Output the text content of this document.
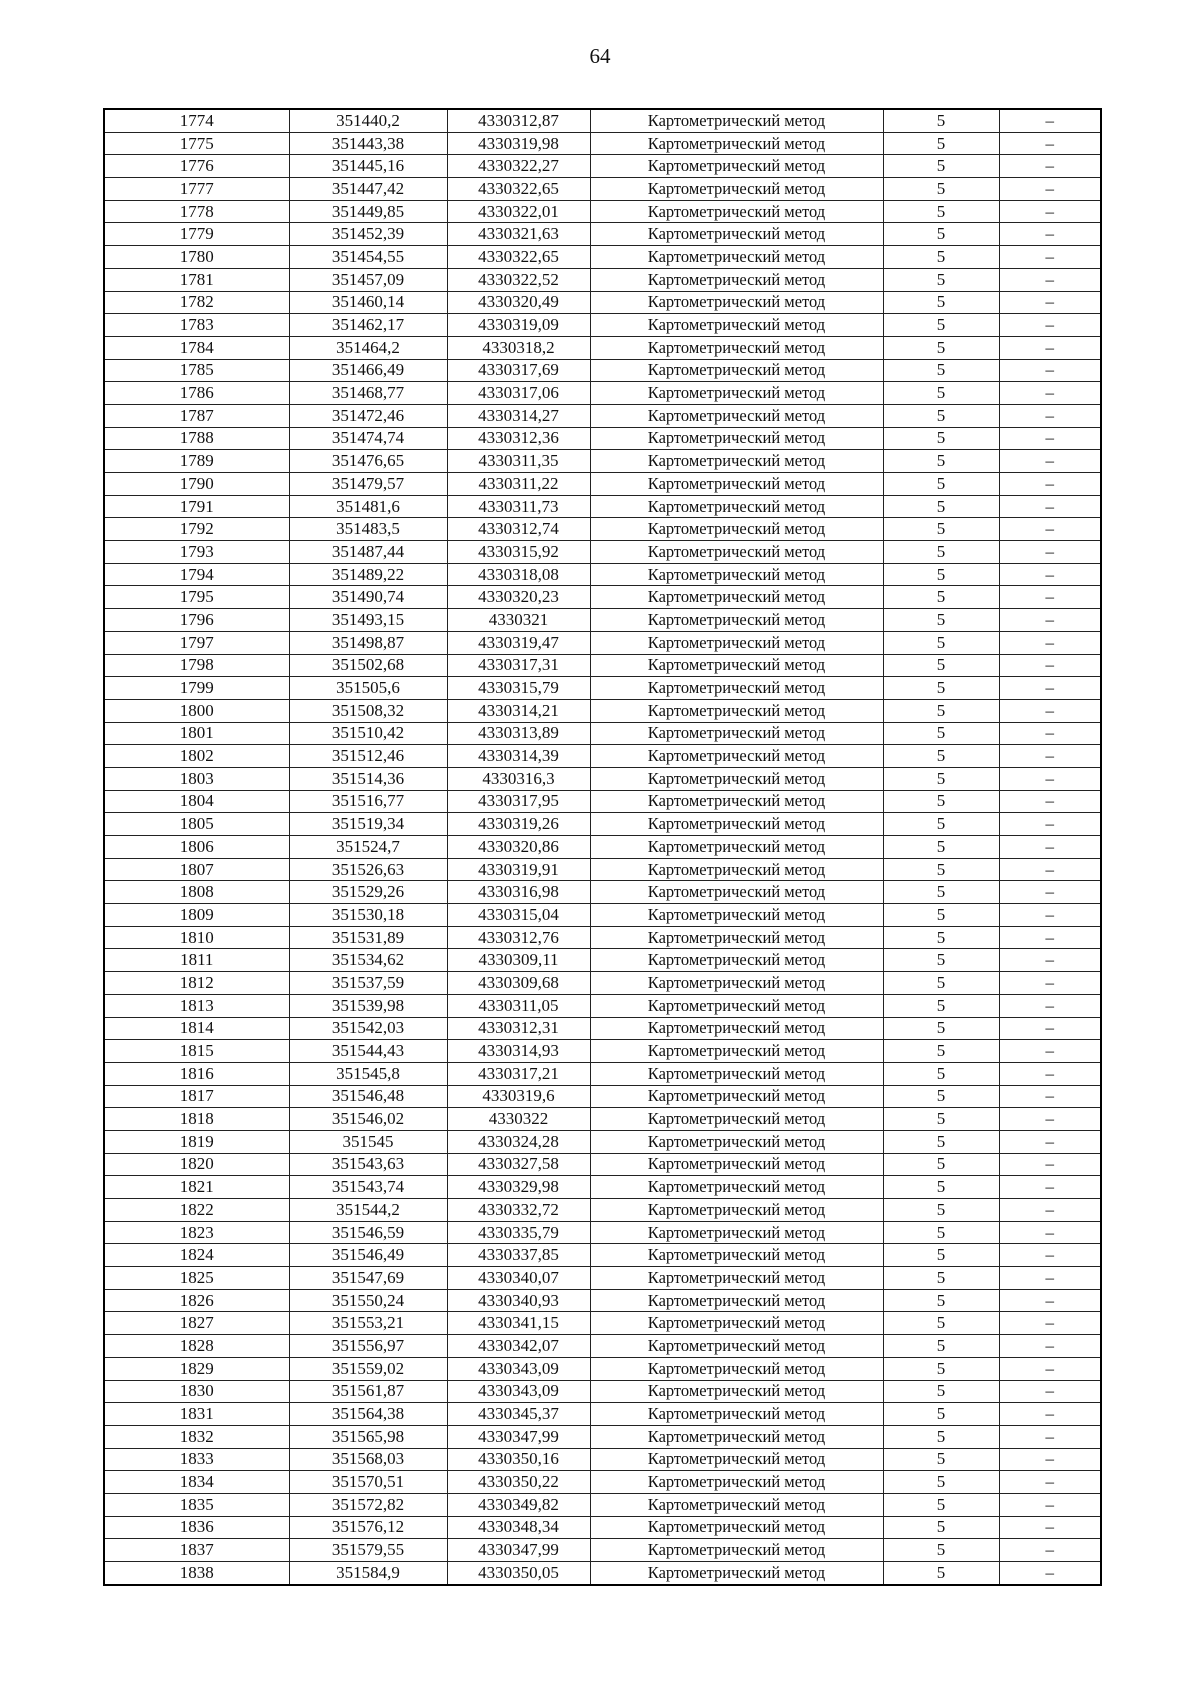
64
1774	351440,2	4330312,87	Картометрический метод	5	–
1775	351443,38	4330319,98	Картометрический метод	5	–
1776	351445,16	4330322,27	Картометрический метод	5	–
1777	351447,42	4330322,65	Картометрический метод	5	–
1778	351449,85	4330322,01	Картометрический метод	5	–
1779	351452,39	4330321,63	Картометрический метод	5	–
1780	351454,55	4330322,65	Картометрический метод	5	–
1781	351457,09	4330322,52	Картометрический метод	5	–
1782	351460,14	4330320,49	Картометрический метод	5	–
1783	351462,17	4330319,09	Картометрический метод	5	–
1784	351464,2	4330318,2	Картометрический метод	5	–
1785	351466,49	4330317,69	Картометрический метод	5	–
1786	351468,77	4330317,06	Картометрический метод	5	–
1787	351472,46	4330314,27	Картометрический метод	5	–
1788	351474,74	4330312,36	Картометрический метод	5	–
1789	351476,65	4330311,35	Картометрический метод	5	–
1790	351479,57	4330311,22	Картометрический метод	5	–
1791	351481,6	4330311,73	Картометрический метод	5	–
1792	351483,5	4330312,74	Картометрический метод	5	–
1793	351487,44	4330315,92	Картометрический метод	5	–
1794	351489,22	4330318,08	Картометрический метод	5	–
1795	351490,74	4330320,23	Картометрический метод	5	–
1796	351493,15	4330321	Картометрический метод	5	–
1797	351498,87	4330319,47	Картометрический метод	5	–
1798	351502,68	4330317,31	Картометрический метод	5	–
1799	351505,6	4330315,79	Картометрический метод	5	–
1800	351508,32	4330314,21	Картометрический метод	5	–
1801	351510,42	4330313,89	Картометрический метод	5	–
1802	351512,46	4330314,39	Картометрический метод	5	–
1803	351514,36	4330316,3	Картометрический метод	5	–
1804	351516,77	4330317,95	Картометрический метод	5	–
1805	351519,34	4330319,26	Картометрический метод	5	–
1806	351524,7	4330320,86	Картометрический метод	5	–
1807	351526,63	4330319,91	Картометрический метод	5	–
1808	351529,26	4330316,98	Картометрический метод	5	–
1809	351530,18	4330315,04	Картометрический метод	5	–
1810	351531,89	4330312,76	Картометрический метод	5	–
1811	351534,62	4330309,11	Картометрический метод	5	–
1812	351537,59	4330309,68	Картометрический метод	5	–
1813	351539,98	4330311,05	Картометрический метод	5	–
1814	351542,03	4330312,31	Картометрический метод	5	–
1815	351544,43	4330314,93	Картометрический метод	5	–
1816	351545,8	4330317,21	Картометрический метод	5	–
1817	351546,48	4330319,6	Картометрический метод	5	–
1818	351546,02	4330322	Картометрический метод	5	–
1819	351545	4330324,28	Картометрический метод	5	–
1820	351543,63	4330327,58	Картометрический метод	5	–
1821	351543,74	4330329,98	Картометрический метод	5	–
1822	351544,2	4330332,72	Картометрический метод	5	–
1823	351546,59	4330335,79	Картометрический метод	5	–
1824	351546,49	4330337,85	Картометрический метод	5	–
1825	351547,69	4330340,07	Картометрический метод	5	–
1826	351550,24	4330340,93	Картометрический метод	5	–
1827	351553,21	4330341,15	Картометрический метод	5	–
1828	351556,97	4330342,07	Картометрический метод	5	–
1829	351559,02	4330343,09	Картометрический метод	5	–
1830	351561,87	4330343,09	Картометрический метод	5	–
1831	351564,38	4330345,37	Картометрический метод	5	–
1832	351565,98	4330347,99	Картометрический метод	5	–
1833	351568,03	4330350,16	Картометрический метод	5	–
1834	351570,51	4330350,22	Картометрический метод	5	–
1835	351572,82	4330349,82	Картометрический метод	5	–
1836	351576,12	4330348,34	Картометрический метод	5	–
1837	351579,55	4330347,99	Картометрический метод	5	–
1838	351584,9	4330350,05	Картометрический метод	5	–
